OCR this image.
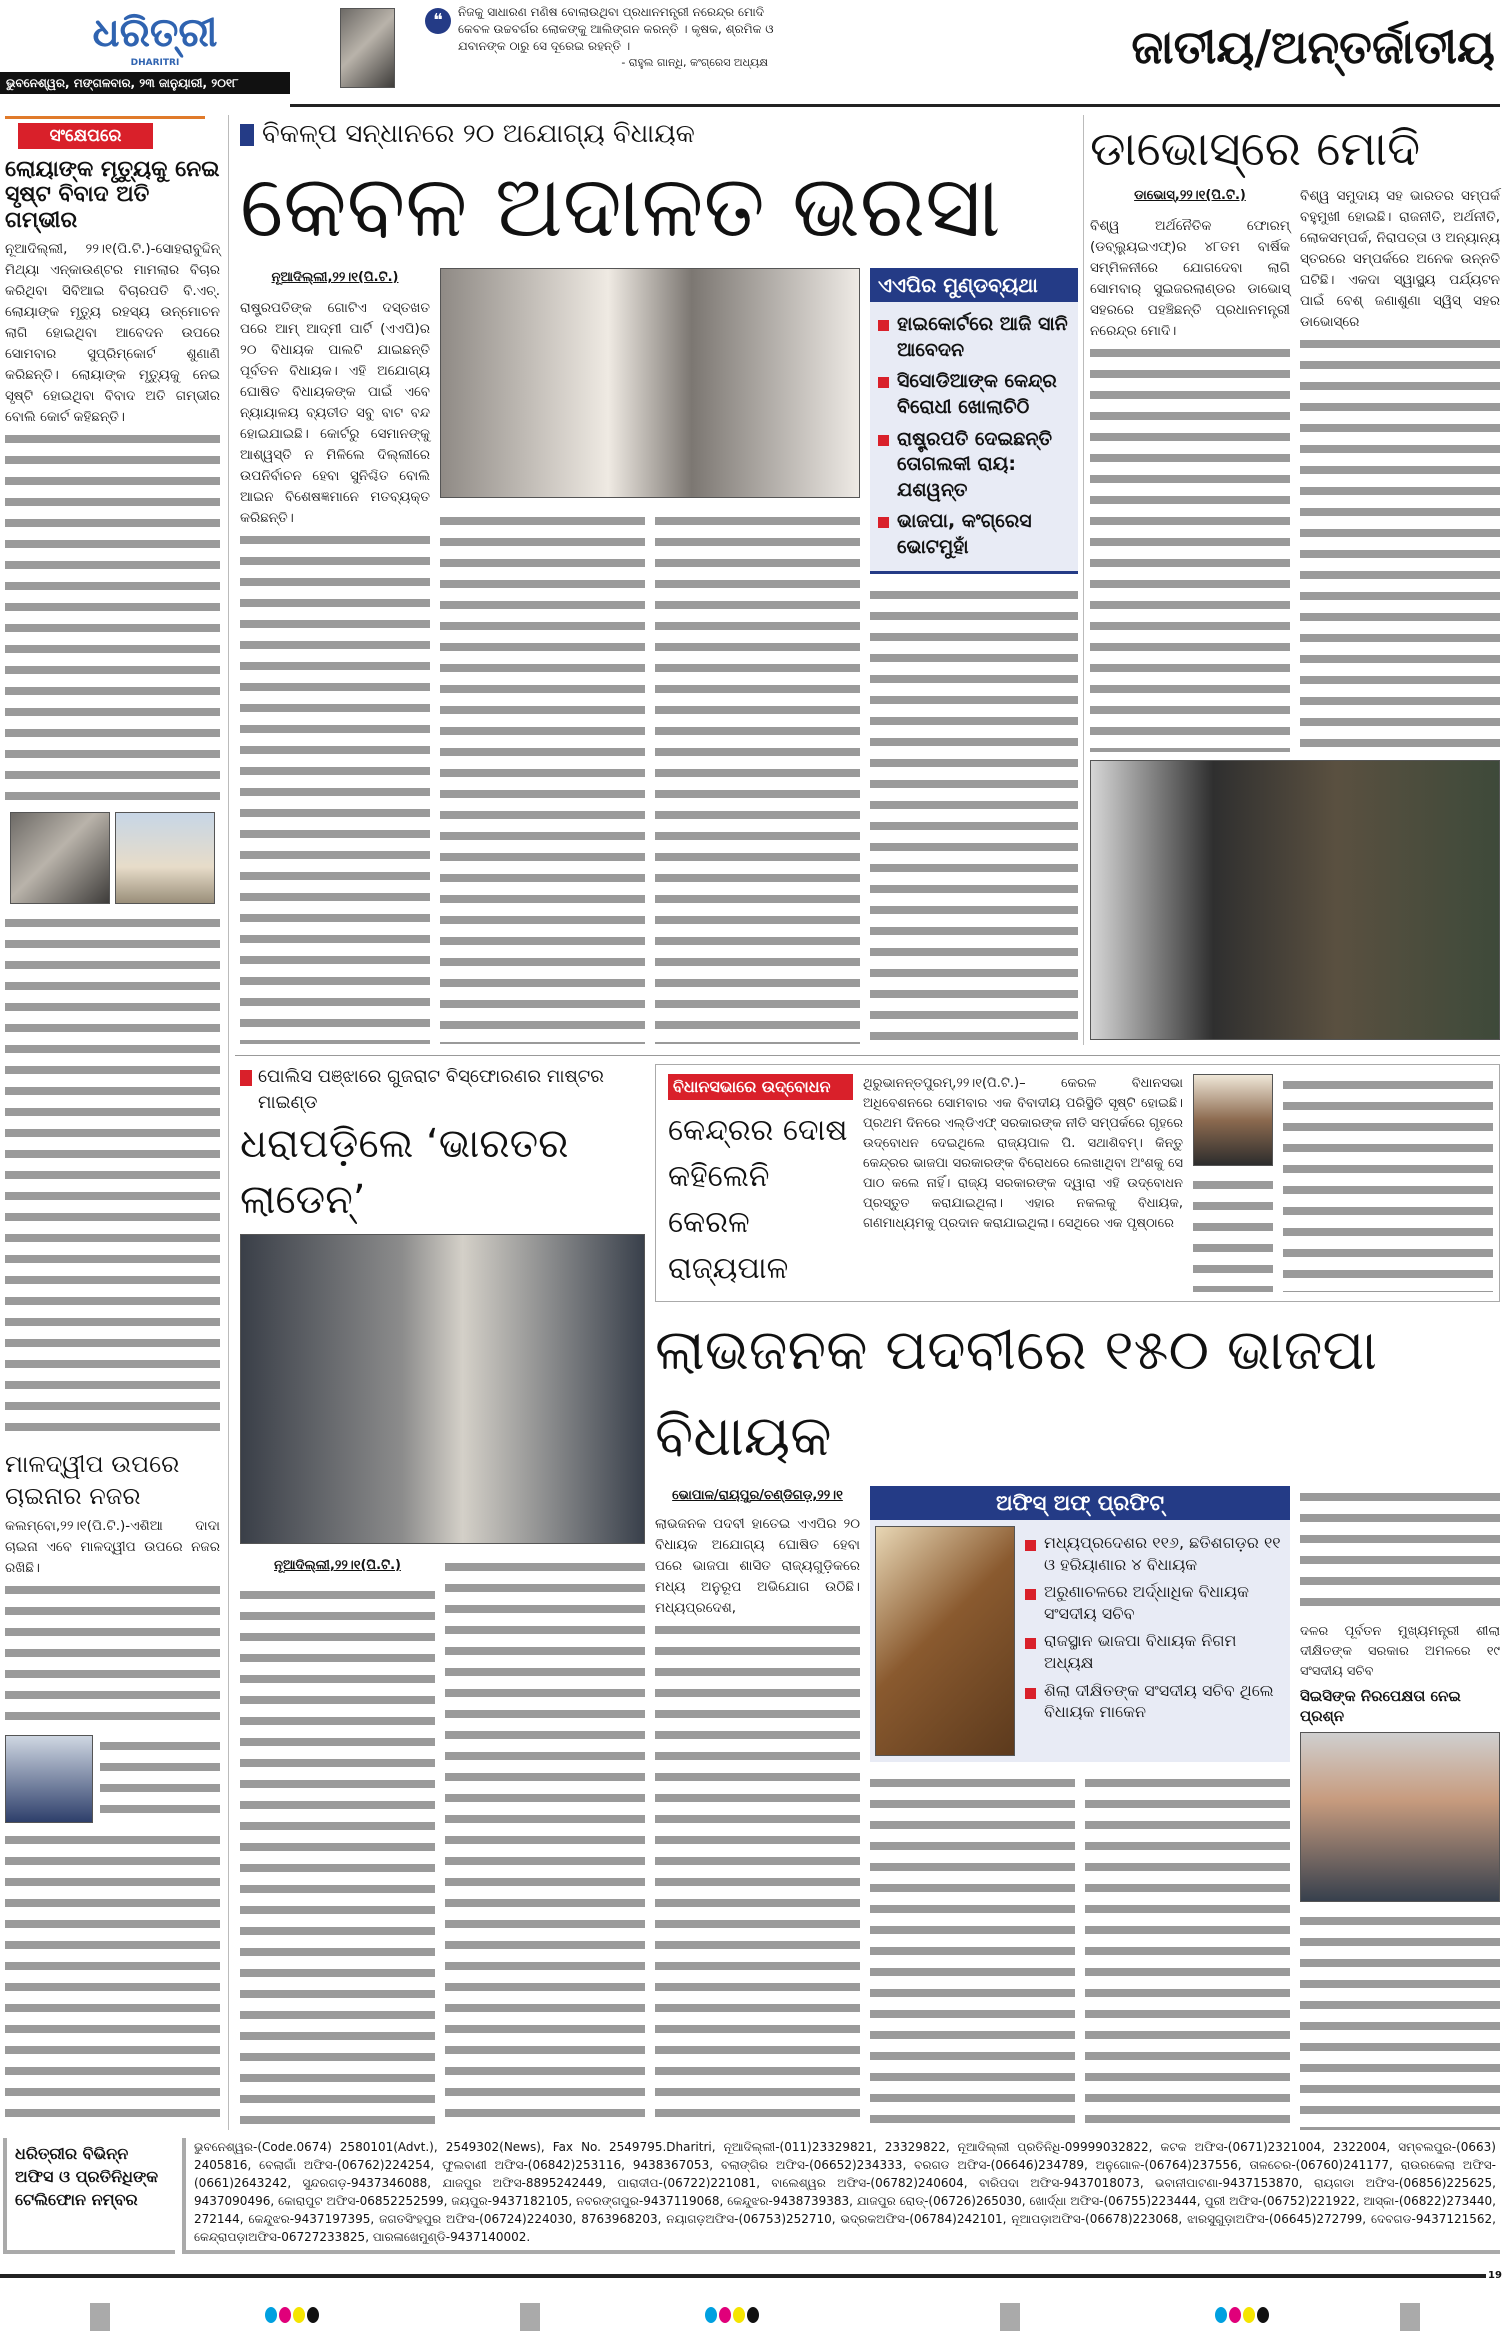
ଧରିତ୍ରୀ
DHARITRI
ଭୁବନେଶ୍ୱର, ମଙ୍ଗଳବାର, ୨୩ ଜାନୁୟାରୀ, ୨୦୧୮
❝	ନିଜକୁ ସାଧାରଣ ମଣିଷ ବୋଲାଉଥିବା ପ୍ରଧାନମନ୍ତ୍ରୀ ନରେନ୍ଦ୍ର ମୋଦି କେବଳ ଉଚ୍ଚବର୍ଗର ଲୋକଙ୍କୁ ଆଲିଙ୍ଗନ କରନ୍ତି । କୃଷକ, ଶ୍ରମିକ ଓ ଯବାନଙ୍କ ଠାରୁ ସେ ଦୂରେଇ ରହନ୍ତି ।
- ରାହୁଲ ଗାନ୍ଧି, କଂଗ୍ରେସ ଅଧ୍ୟକ୍ଷ	ଜାତୀୟ/ଅନ୍ତର୍ଜାତୀୟ
ସଂକ୍ଷେପରେ
ଲୋୟାଙ୍କ ମୃତ୍ୟୁକୁ ନେଇ ସୃଷ୍ଟ ବିବାଦ ଅତି ଗମ୍ଭୀର
ନୂଆଦିଲ୍ଲୀ, ୨୨।୧(ପି.ଟି.)-ସୋହରାବୁଦ୍ଦିନ୍ ମିଥ୍ୟା ଏନ୍‌କାଉଣ୍ଟର ମାମଲାର ବିଚାର କରିଥିବା ସିବିଆଇ ବିଚାରପତି ବି.ଏଚ୍. ଲୋୟାଙ୍କ ମୃତ୍ୟୁ ରହସ୍ୟ ଉନ୍ମୋଚନ ଲାଗି ହୋଇଥିବା ଆବେଦନ ଉପରେ ସୋମବାର ସୁପ୍ରିମ୍‌କୋର୍ଟ ଶୁଣାଣି କରିଛନ୍ତି। ଲୋୟାଙ୍କ ମୃତ୍ୟୁକୁ ନେଇ ସୃଷ୍ଟି ହୋଇଥିବା ବିବାଦ ଅତି ଗମ୍ଭୀର ବୋଲି କୋର୍ଟ କହିଛନ୍ତି।
ମାଳଦ୍ୱୀପ ଉପରେ ଚାଇନାର ନଜର
କଲମ୍ବୋ,୨୨।୧(ପି.ଟି.)-ଏଶିଆ ଦାଦା ଚାଇନା ଏବେ ମାଳଦ୍ୱୀପ ଉପରେ ନଜର ରଖିଛି।
ବିକଳ୍ପ ସନ୍ଧାନରେ ୨୦ ଅଯୋଗ୍ୟ ବିଧାୟକ
କେବଳ ଅଦାଳତ ଭରସା
ନୂଆଦିଲ୍ଲୀ,୨୨।୧(ପି.ଟି.)
ରାଷ୍ଟ୍ରପତିଙ୍କ ଗୋଟିଏ ଦସ୍ତଖତ ପରେ ଆମ୍ ଆଦ୍‌ମୀ ପାର୍ଟି (ଏଏପି)ର ୨୦ ବିଧାୟକ ପାଲଟି ଯାଇଛନ୍ତି ପୂର୍ବତନ ବିଧାୟକ। ଏହି ଅଯୋଗ୍ୟ ଘୋଷିତ ବିଧାୟକଙ୍କ ପାଇଁ ଏବେ ନ୍ୟାୟାଳୟ ବ୍ୟତୀତ ସବୁ ବାଟ ବନ୍ଦ ହୋଇଯାଇଛି। କୋର୍ଟରୁ ସେମାନଙ୍କୁ ଆଶ୍ୱସ୍ତି ନ ମିଳିଲେ ଦିଲ୍ଲୀରେ ଉପନିର୍ବାଚନ ହେବା ସୁନିଶ୍ଚିତ ବୋଲି ଆଇନ ବିଶେଷଜ୍ଞମାନେ ମତବ୍ୟକ୍ତ କରିଛନ୍ତି।
ଏଏପିର ମୁଣ୍ଡବ୍ୟଥା
ହାଇକୋର୍ଟରେ ଆଜି ସାନି ଆବେଦନ
ସିସୋଡିଆଙ୍କ କେନ୍ଦ୍ର ବିରୋଧୀ ଖୋଲାଚିଠି
ରାଷ୍ଟ୍ରପତି ଦେଇଛନ୍ତି ତୋଗଲକୀ ରାୟ: ଯଶୱନ୍ତ
ଭାଜପା, କଂଗ୍ରେସ ଭୋଟମୁହାଁ
ଡାଭୋସ୍‌ରେ ମୋଦି
ଡାଭୋସ୍,୨୨।୧(ପି.ଟି.)
ବିଶ୍ୱ ଅର୍ଥନୈତିକ ଫୋରମ୍ (ଡବ୍ଲ୍ୟୁଇଏଫ୍)ର ୪୮ତମ ବାର୍ଷିକ ସମ୍ମିଳନୀରେ ଯୋଗଦେବା ଲାଗି ସୋମବାର୍ ସୁଇଜରଲାଣ୍ଡର ଡାଭୋସ୍ ସହରରେ ପହଞ୍ଚିଛନ୍ତି ପ୍ରଧାନମନ୍ତ୍ରୀ ନରେନ୍ଦ୍ର ମୋଦି।
ବିଶ୍ୱ ସମୁଦାୟ ସହ ଭାରତର ସମ୍ପର୍କ ବହୁମୁଖୀ ହୋଇଛି। ରାଜନୀତି, ଅର୍ଥନୀତି, ଲୋକସମ୍ପର୍କ, ନିରାପତ୍ତା ଓ ଅନ୍ୟାନ୍ୟ ସ୍ତରରେ ସମ୍ପର୍କରେ ଅନେକ ଉନ୍ନତି ଘଟିଛି। ଏକଦା ସ୍ୱାସ୍ଥ୍ୟ ପର୍ଯ୍ୟଟନ ପାଇଁ ବେଶ୍ ଜଣାଶୁଣା ସ୍ୱିସ୍ ସହର ଡାଭୋସ୍‌ରେ
ପୋଲିସ ପଞ୍ଝାରେ ଗୁଜରାଟ ବିସ୍ଫୋରଣର ମାଷ୍ଟର ମାଇଣ୍ଡ
ଧରାପଡ଼ିଲେ ‘ଭାରତର ଲାଡେନ୍’
ନୂଆଦିଲ୍ଲୀ,୨୨।୧(ପି.ଟି.)
ବିଧାନସଭାରେ ଉଦ୍‌ବୋଧନ
କେନ୍ଦ୍ରର ଦୋଷ କହିଲେନି କେରଳ ରାଜ୍ୟପାଳ
ଥିରୁଭାନନ୍ତପୁରମ୍,୨୨।୧(ପି.ଟି.)– କେରଳ ବିଧାନସଭା ଅଧିବେଶନରେ ସୋମବାର ଏକ ବିବାଦୀୟ ପରିସ୍ଥିତି ସୃଷ୍ଟି ହୋଇଛି। ପ୍ରଥମ ଦିନରେ ଏଲ୍‌ଡିଏଫ୍ ସରକାରଙ୍କ ନୀତି ସମ୍ପର୍କରେ ଗୃହରେ ଉଦ୍‌ବୋଧନ ଦେଇଥିଲେ ରାଜ୍ୟପାଳ ପି. ସଥାଶିବମ୍। କିନ୍ତୁ କେନ୍ଦ୍ରର ଭାଜପା ସରକାରଙ୍କ ବିରୋଧରେ ଲେଖାଥିବା ଅଂଶକୁ ସେ ପାଠ କଲେ ନାହିଁ। ରାଜ୍ୟ ସରକାରଙ୍କ ଦ୍ୱାରା ଏହି ଉଦ୍‌ବୋଧନ ପ୍ରସ୍ତୁତ କରାଯାଇଥିଲା। ଏହାର ନକଲକୁ ବିଧାୟକ, ଗଣମାଧ୍ୟମକୁ ପ୍ରଦାନ କରାଯାଇଥିଲା। ସେଥିରେ ଏକ ପୃଷ୍ଠାରେ
ଲାଭଜନକ ପଦବୀରେ ୧୫୦ ଭାଜପା ବିଧାୟକ
ଭୋପାଳ/ରାୟପୁର/ଚଣ୍ଡିଗଡ଼,୨୨।୧
ଲାଭଜନକ ପଦବୀ ହାତେଇ ଏଏପିର ୨୦ ବିଧାୟକ ଅଯୋଗ୍ୟ ଘୋଷିତ ହେବା ପରେ ଭାଜପା ଶାସିତ ରାଜ୍ୟଗୁଡ଼ିକରେ ମଧ୍ୟ ଅନୁରୂପ ଅଭିଯୋଗ ଉଠିଛି। ମଧ୍ୟପ୍ରଦେଶ,
ଅଫିସ୍ ଅଫ୍ ପ୍ରଫିଟ୍
ମଧ୍ୟପ୍ରଦେଶର ୧୧୬, ଛତିଶଗଡ଼ର ୧୧ ଓ ହରିୟାଣାର ୪ ବିଧାୟକ
ଅରୁଣାଚଳରେ ଅର୍ଦ୍ଧାଧିକ ବିଧାୟକ ସଂସଦୀୟ ସଚିବ
ରାଜସ୍ଥାନ ଭାଜପା ବିଧାୟକ ନିଗମ ଅଧ୍ୟକ୍ଷ
ଶିଲା ଦୀକ୍ଷିତଙ୍କ ସଂସଦୀୟ ସଚିବ ଥିଲେ ବିଧାୟକ ମାକେନ
ଦଳର ପୂର୍ବତନ ମୁଖ୍ୟମନ୍ତ୍ରୀ ଶୀଲା ଦୀକ୍ଷିତଙ୍କ ସରକାର ଅମଳରେ ୧୯ ସଂସଦୀୟ ସଚିବ
ସିଇସିଙ୍କ ନିରପେକ୍ଷତା ନେଇ ପ୍ରଶ୍ନ
ଧରିତ୍ରୀର ବିଭିନ୍ନ ଅଫିସ ଓ ପ୍ରତିନିଧିଙ୍କ ଟେଲିଫୋନ ନମ୍ବର
ଭୁବନେଶ୍ୱର-(Code.0674) 2580101(Advt.), 2549302(News), Fax No. 2549795.Dharitri, ନୂଆଦିଲ୍ଲୀ-(011)23329821, 23329822, ନୂଆଦିଲ୍ଲୀ ପ୍ରତିନିଧି-09999032822, କଟକ ଅଫିସ-(0671)2321004, 2322004, ସମ୍ବଲପୁର-(0663) 2405816, ବେଲାଗାଁ ଅଫିସ-(06762)224254, ଫୁଲବାଣୀ ଅଫିସ-(06842)253116, 9438367053, ବଲାଙ୍ଗିର ଅଫିସ-(06652)234333, ବରଗଡ ଅଫିସ-(06646)234789, ଅନୁଗୋଳ-(06764)237556, ତାଳଚେର-(06760)241177, ରାଉରକେଲା ଅଫିସ-(0661)2643242, ସୁନ୍ଦରଗଡ଼-9437346088, ଯାଜପୁର ଅଫିସ-8895242449, ପାରାଦୀପ-(06722)221081, ବାଲେଶ୍ୱର ଅଫିସ-(06782)240604, ବାରିପଦା ଅଫିସ-9437018073, ଭବାନୀପାଟଣା-9437153870, ରାୟଗଡା ଅଫିସ-(06856)225625, 9437090496, କୋରାପୁଟ ଅଫିସ-06852252599, ଜୟପୁର-9437182105, ନବରଙ୍ଗପୁର-9437119068, କେନ୍ଦୁଝର-9438739383, ଯାଜପୁର ରୋଡ୍-(06726)265030, ଖୋର୍ଦ୍ଧା ଅଫିସ-(06755)223444, ପୁରୀ ଅଫିସ-(06752)221922, ଆସ୍କା-(06822)273440, 272144, କେନ୍ଦୁଝର-9437197395, ଜଗତସିଂହପୁର ଅଫିସ-(06724)224030, 8763968203, ନୟାଗଡ଼ଅଫିସ-(06753)252710, ଭଦ୍ରକଅଫିସ-(06784)242101, ନୂଆପଡ଼ାଅଫିସ-(06678)223068, ଝାରସୁଗୁଡ଼ାଅଫିସ-(06645)272799, ଦେବଗଡ-9437121562, କେନ୍ଦ୍ରାପଡ଼ାଅଫିସ-06727233825, ପାରଳାଖେମୁଣ୍ଡି-9437140002.
19
